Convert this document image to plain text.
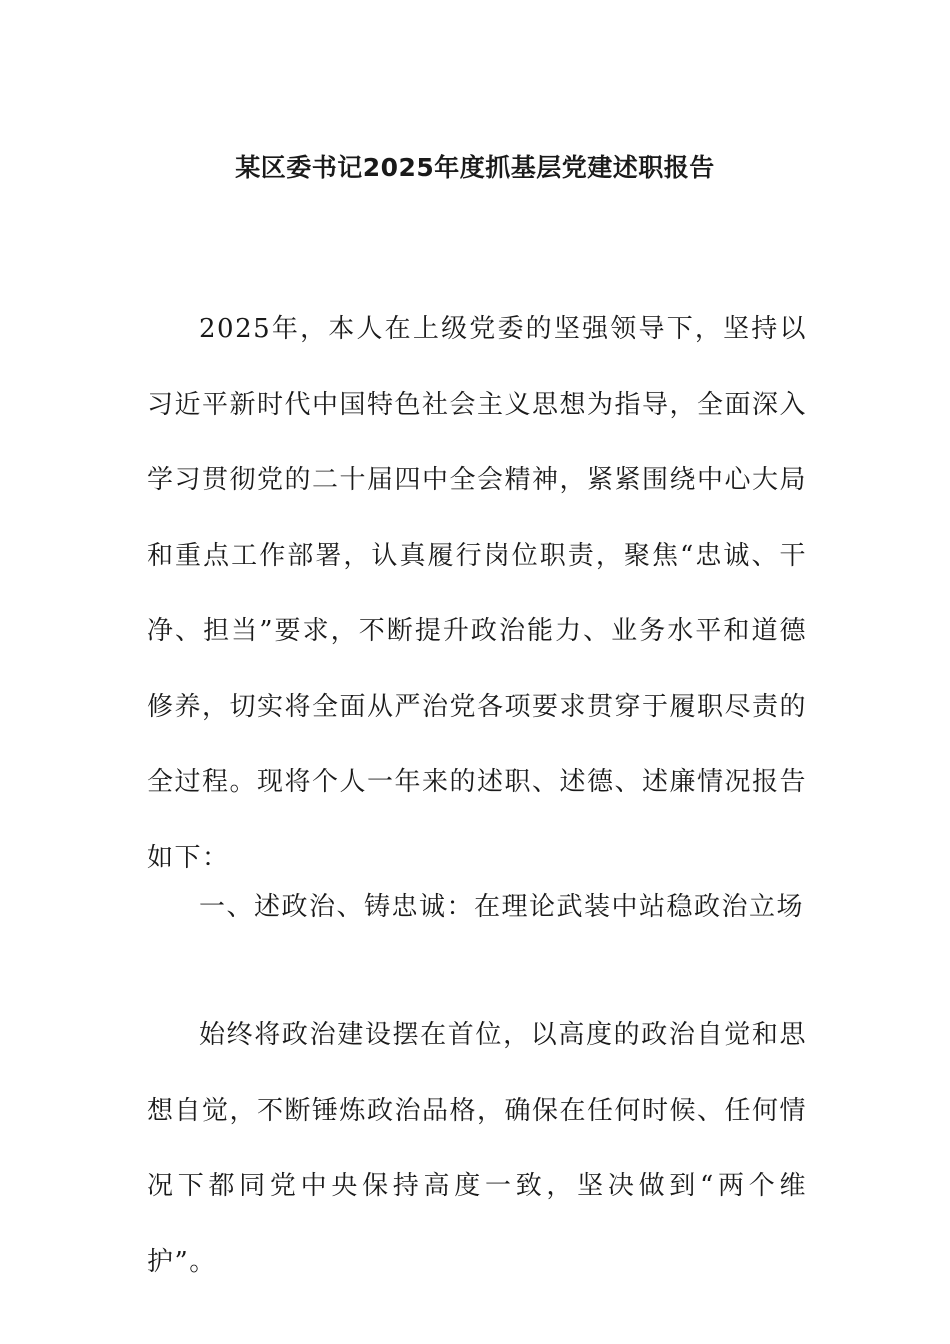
某区委书记2025年度抓基层党建述职报告

2025年，本人在上级党委的坚强领导下，坚持以习近平新时代中国特色社会主义思想为指导，全面深入学习贯彻党的二十届四中全会精神，紧紧围绕中心大局和重点工作部署，认真履行岗位职责，聚焦“忠诚、干净、担当”要求，不断提升政治能力、业务水平和道德修养，切实将全面从严治党各项要求贯穿于履职尽责的全过程。现将个人一年来的述职、述德、述廉情况报告如下：

一、述政治、铸忠诚：在理论武装中站稳政治立场

始终将政治建设摆在首位，以高度的政治自觉和思想自觉，不断锤炼政治品格，确保在任何时候、任何情况下都同党中央保持高度一致，坚决做到“两个维护”。
